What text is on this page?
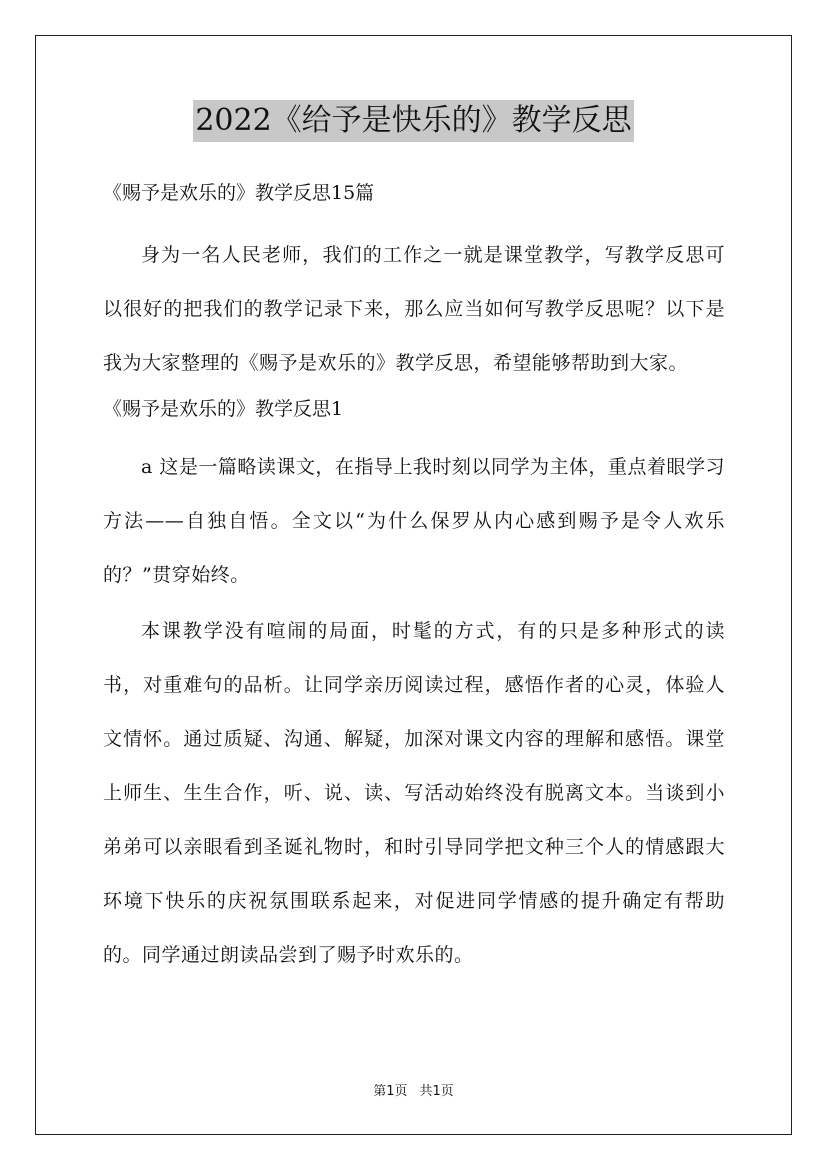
2022《给予是快乐的》教学反思

《赐予是欢乐的》教学反思15篇

身为一名人民老师，我们的工作之一就是课堂教学，写教学反思可以很好的把我们的教学记录下来，那么应当如何写教学反思呢？以下是我为大家整理的《赐予是欢乐的》教学反思，希望能够帮助到大家。

《赐予是欢乐的》教学反思1

a 这是一篇略读课文，在指导上我时刻以同学为主体，重点着眼学习方法——自独自悟。全文以“为什么保罗从内心感到赐予是令人欢乐的？”贯穿始终。

本课教学没有喧闹的局面，时髦的方式，有的只是多种形式的读书，对重难句的品析。让同学亲历阅读过程，感悟作者的心灵，体验人文情怀。通过质疑、沟通、解疑，加深对课文内容的理解和感悟。课堂上师生、生生合作，听、说、读、写活动始终没有脱离文本。当谈到小弟弟可以亲眼看到圣诞礼物时，和时引导同学把文种三个人的情感跟大环境下快乐的庆祝氛围联系起来，对促进同学情感的提升确定有帮助的。同学通过朗读品尝到了赐予时欢乐的。

第1页 共1页
